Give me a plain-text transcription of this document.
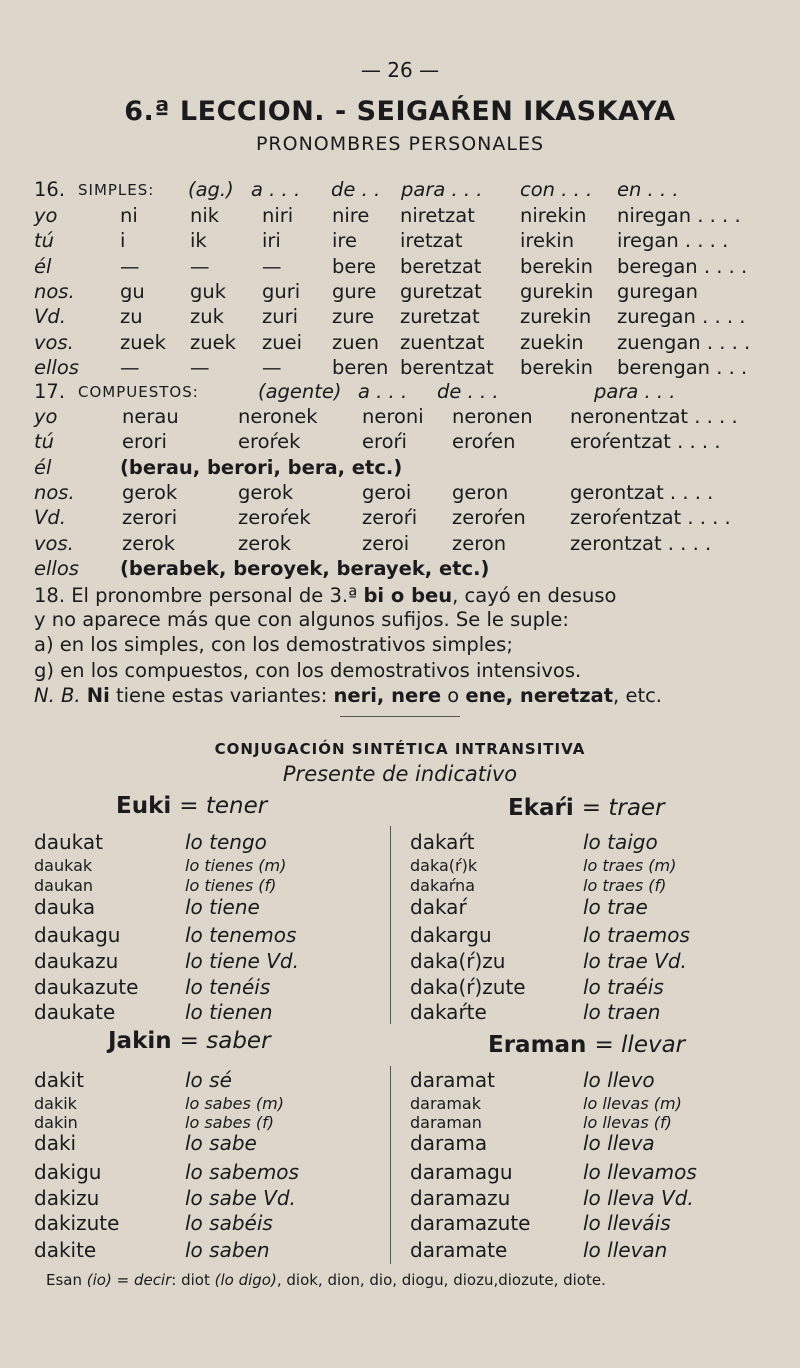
— 26 —
6.ª LECCION. - SEIGAŔEN IKASKAYA
PRONOMBRES PERSONALES
16. SIMPLES: (ag.) a . . . de . . para . . . con . . . en . . .
yo	ni	nik niri nire niretzat nirekin niregan . . . .
tú	i	ik	iri	ire iretzat	irekin iregan . . . .
él	—	—	—	bere beretzat berekin beregan . . . .
nos. gu guk guri gure guretzat gurekin guregan
Vd.	zu zuk zuri zure zuretzat zurekin zuregan . . . .
vos. zuek zuek zuei zuen zuentzat zuekin zuengan . . . .
ellos —	—	—	beren berentzat berekin berengan . . .
17. COMPUESTOS:	(agente) a . . . de . . .	para . . .
yo	nerau	neronek neroni neronen neronentzat . . . .
tú	erori	eroŕek	eroŕi eroŕen	eroŕentzat . . . .
él	(berau, berori, bera, etc.)
nos. gerok	gerok	geroi geron	gerontzat . . . .
Vd.	zerori	zeroŕek	zeroŕi zeroŕen zeroŕentzat . . . .
vos. zerok	zerok	zeroi zeron	zerontzat . . . .
ellos (berabek, beroyek, berayek, etc.)
18. El pronombre personal de 3.ª bi o beu, cayó en desuso
y no aparece más que con algunos sufijos. Se le suple:
a) en los simples, con los demostrativos simples;
g) en los compuestos, con los demostrativos intensivos.
N. B. Ni tiene estas variantes: neri, nere o ene, neretzat, etc.
CONJUGACIÓN SINTÉTICA INTRANSITIVA
Presente de indicativo
Euki = tener	Ekaŕi = traer
Jakin = saber	Eraman = llevar
daukat	lo tengo
daukak	lo tienes (m)
daukan	lo tienes (f)
dauka	lo tiene
daukagu	lo tenemos
daukazu	lo tiene Vd.
daukazute lo tenéis
daukate	lo tienen
dakaŕt	lo taigo
daka(ŕ)k	lo traes (m)
dakaŕna	lo traes (f)
dakaŕ	lo trae
dakargu	lo traemos
daka(ŕ)zu	lo trae Vd.
daka(ŕ)zute	lo traéis
dakaŕte	lo traen
dakit	lo sé
dakik	lo sabes (m)
dakin	lo sabes (f)
daki	lo sabe
dakigu	lo sabemos
dakizu	lo sabe Vd.
dakizute	lo sabéis
dakite	lo saben
daramat	lo llevo
daramak	lo llevas (m)
daraman	lo llevas (f)
darama	lo lleva
daramagu	lo llevamos
daramazu	lo lleva Vd.
daramazute	lo lleváis
daramate	lo llevan
Esan (io) = decir: diot (lo digo), diok, dion, dio, diogu, diozu,diozute, diote.
